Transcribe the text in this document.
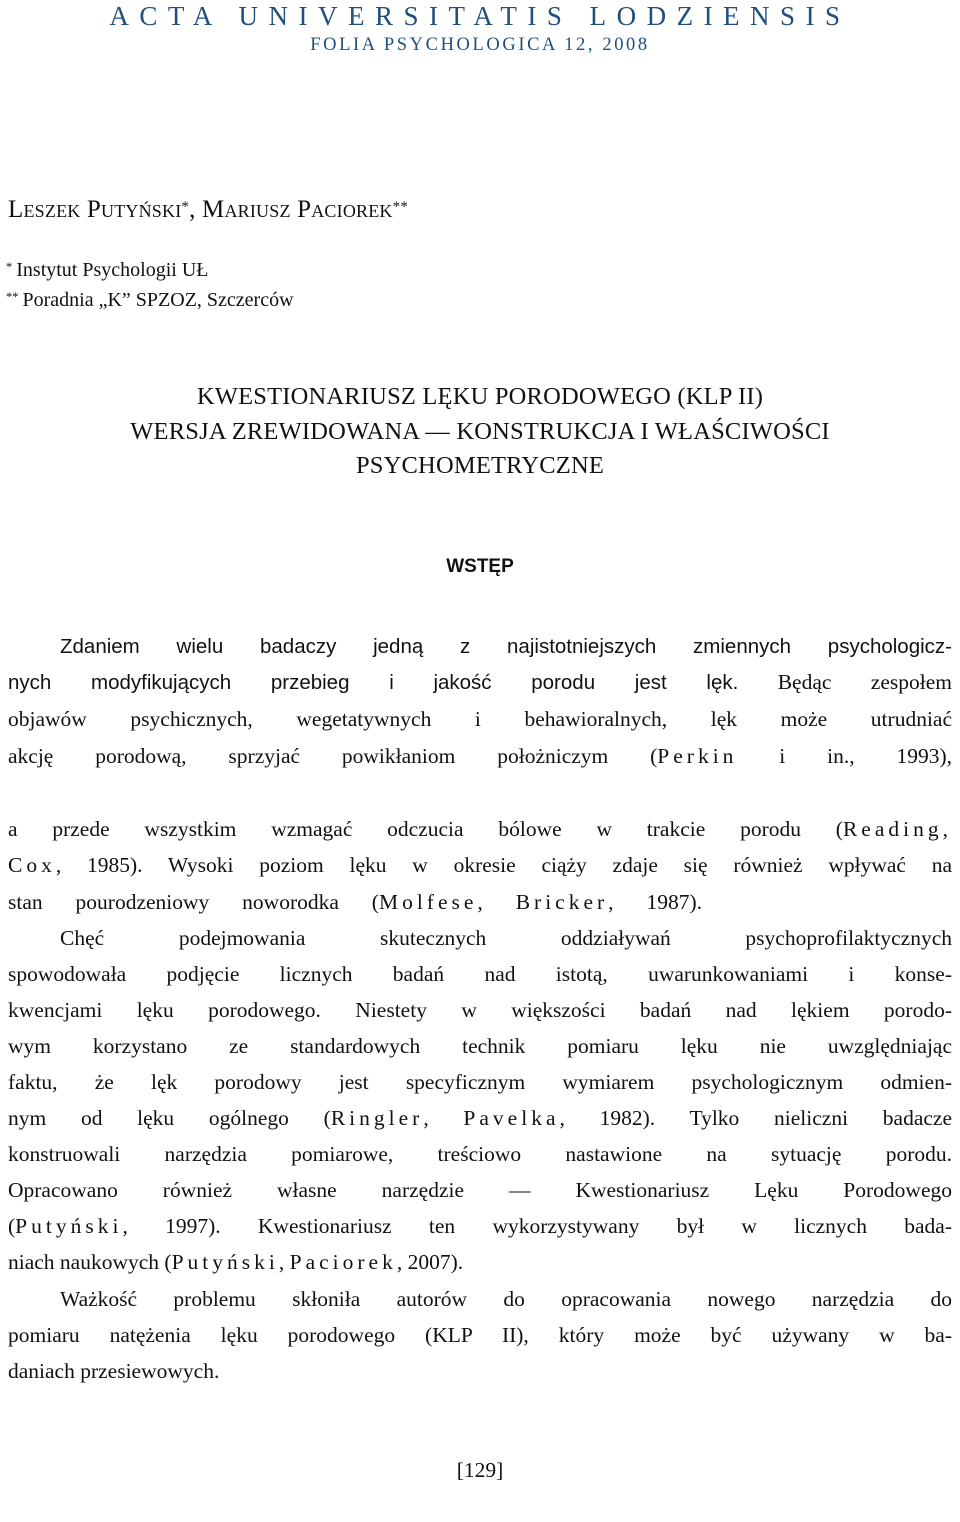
ACTA UNIVERSITATIS LODZIENSIS
FOLIA PSYCHOLOGICA 12, 2008
Leszek Putyński*, Mariusz Paciorek**
* Instytut Psychologii UŁ
** Poradnia „K” SPZOZ, Szczerców
KWESTIONARIUSZ LĘKU PORODOWEGO (KLP II)
WERSJA ZREWIDOWANA — KONSTRUKCJA I WŁAŚCIWOŚCI
PSYCHOMETRYCZNE
WSTĘP
Zdaniem wielu badaczy jedną z najistotniejszych zmiennych psychologicz-
nych modyfikujących przebieg i jakość porodu jest lęk. Będąc zespołem
objawów psychicznych, wegetatywnych i behawioralnych, lęk może utrudniać
akcję porodową, sprzyjać powikłaniom położniczym (Perkin i in., 1993),
a przede wszystkim wzmagać odczucia bólowe w trakcie porodu (Reading,
Cox, 1985). Wysoki poziom lęku w okresie ciąży zdaje się również wpływać na
stan pourodzeniowy noworodka (Molfese, Bricker, 1987).
Chęć podejmowania skutecznych oddziaływań psychoprofilaktycznych
spowodowała podjęcie licznych badań nad istotą, uwarunkowaniami i konse-
kwencjami lęku porodowego. Niestety w większości badań nad lękiem porodo-
wym korzystano ze standardowych technik pomiaru lęku nie uwzględniając
faktu, że lęk porodowy jest specyficznym wymiarem psychologicznym odmien-
nym od lęku ogólnego (Ringler, Pavelka, 1982). Tylko nieliczni badacze
konstruowali narzędzia pomiarowe, treściowo nastawione na sytuację porodu.
Opracowano również własne narzędzie — Kwestionariusz Lęku Porodowego
(Putyński, 1997). Kwestionariusz ten wykorzystywany był w licznych bada-
niach naukowych (Putyński, Paciorek, 2007).
Ważkość problemu skłoniła autorów do opracowania nowego narzędzia do
pomiaru natężenia lęku porodowego (KLP II), który może być używany w ba-
daniach przesiewowych.
[129]
